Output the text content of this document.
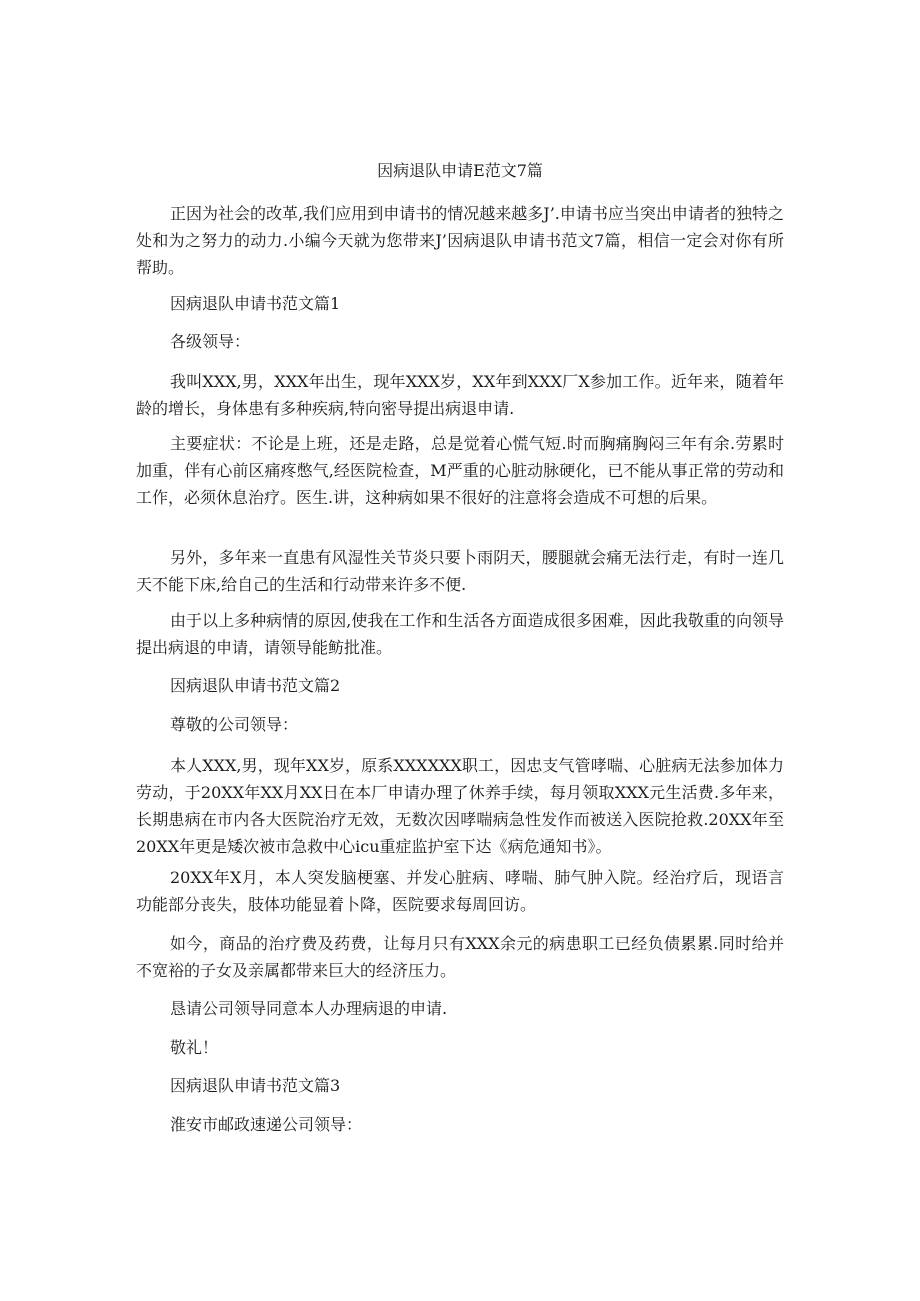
因病退队申请E范文7篇

正因为社会的改革,我们应用到申请书的情况越来越多J’.申请书应当突出申请者的独特之处和为之努力的动力.小编今天就为您带来J’因病退队申请书范文7篇，相信一定会对你有所帮助。

因病退队申请书范文篇1

各级领导：

我叫XXX,男，XXX年出生，现年XXX岁，XX年到XXX厂X参加工作。近年来，随着年龄的增长，身体患有多种疾病,特向密导提出病退申请.

主要症状：不论是上班，还是走路，总是觉着心慌气短.时而胸痛胸闷三年有余.劳累时加重，伴有心前区痛疼憋气,经医院检查，M严重的心脏动脉硬化，已不能从事正常的劳动和工作，必须休息治疗。医生.讲，这种病如果不很好的注意将会造成不可想的后果。

另外，多年来一直患有风湿性关节炎只要卜雨阴天，腰腿就会痛无法行走，有时一连几天不能下床,给自己的生活和行动带来许多不便.

由于以上多种病情的原因,使我在工作和生活各方面造成很多困难，因此我敬重的向领导提出病退的申请，请领导能鲂批准。

因病退队申请书范文篇2

尊敬的公司领导：

本人XXX,男，现年XX岁，原系XXXXXX职工，因忠支气管哮喘、心脏病无法参加体力劳动，于20XX年XX月XX日在本厂申请办理了休养手续，每月领取XXX元生活费.多年来，长期患病在市内各大医院治疗无效，无数次因哮喘病急性发作而被送入医院抢救.20XX年至20XX年更是矮次被市急救中心icu重症监护室下达《病危通知书》。

20XX年X月，本人突发脑梗塞、并发心脏病、哮喘、肺气肿入院。经治疗后，现语言功能部分丧失，肢体功能显着卜降，医院要求每周回访。

如今，商品的治疗费及药费，让每月只有XXX余元的病患职工已经负债累累.同时给并不宽裕的子女及亲属都带来巨大的经济压力。

恳请公司领导同意本人办理病退的申请.

敬礼！

因病退队申请书范文篇3

淮安市邮政速递公司领导：
